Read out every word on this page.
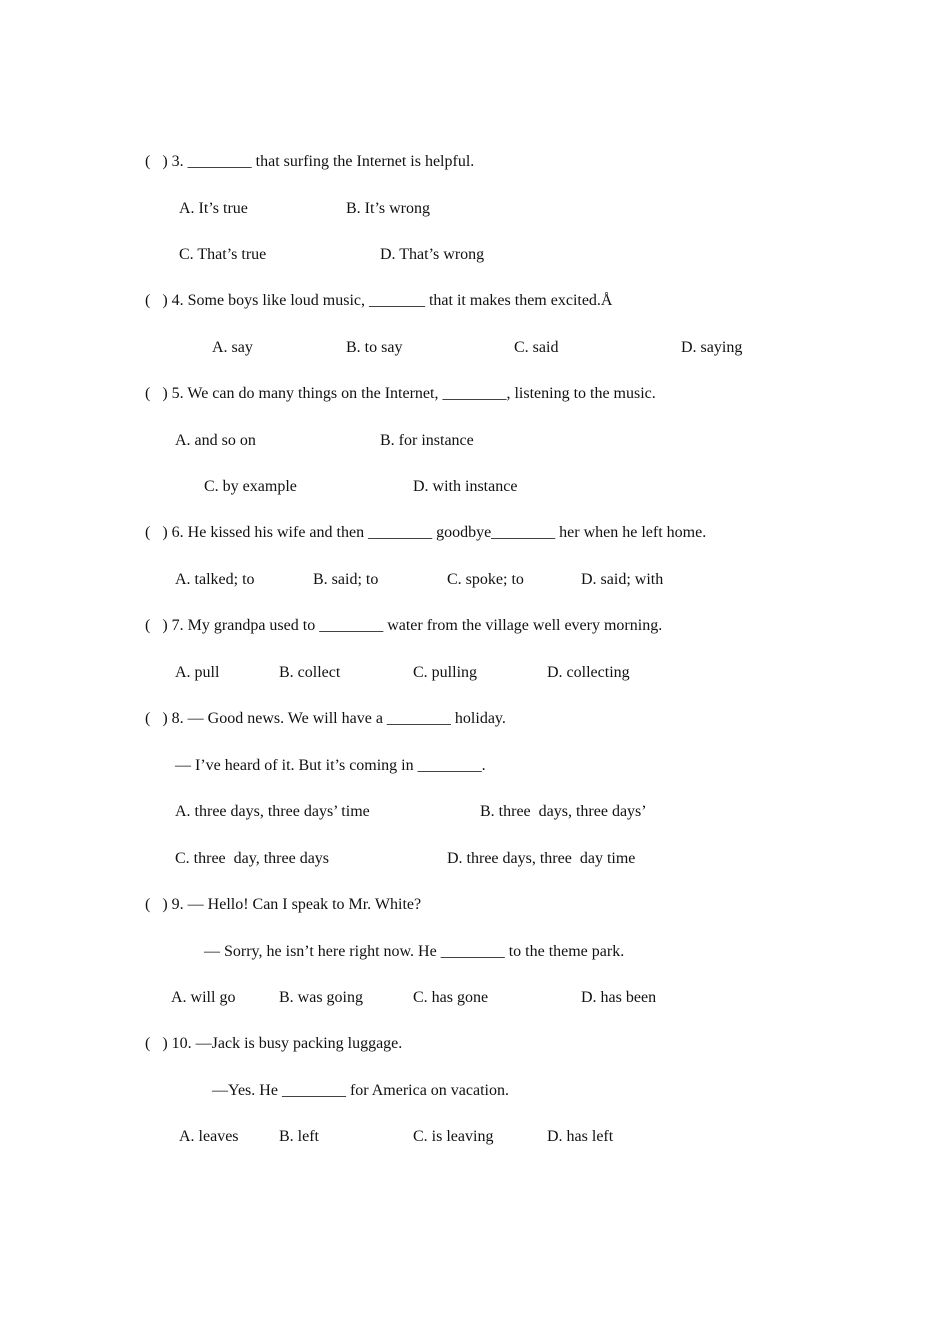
(   ) 3. ________ that surfing the Internet is helpful.
A. It’s true	B. It’s wrong
C. That’s true	D. That’s wrong
(   ) 4. Some boys like loud music, _______ that it makes them excited.Å
A. say	B. to say	C. said	D. saying
(   ) 5. We can do many things on the Internet, ________, listening to the music.
A. and so on	B. for instance
C. by example	D. with instance
(   ) 6. He kissed his wife and then ________ goodbye________ her when he left home.
A. talked; to	B. said; to	C. spoke; to	D. said; with
(   ) 7. My grandpa used to ________ water from the village well every morning.
A. pull	B. collect	C. pulling	D. collecting
(   ) 8. — Good news. We will have a ________ holiday.
— I’ve heard of it. But it’s coming in ________.
A. three days, three days’ time	B. three  days, three days’
C. three  day, three days	D. three days, three  day time
(   ) 9. — Hello! Can I speak to Mr. White?
— Sorry, he isn’t here right now. He ________ to the theme park.
A. will go	B. was going	C. has gone	D. has been
(   ) 10. —Jack is busy packing luggage.
—Yes. He ________ for America on vacation.
A. leaves	B. left	C. is leaving	D. has left
